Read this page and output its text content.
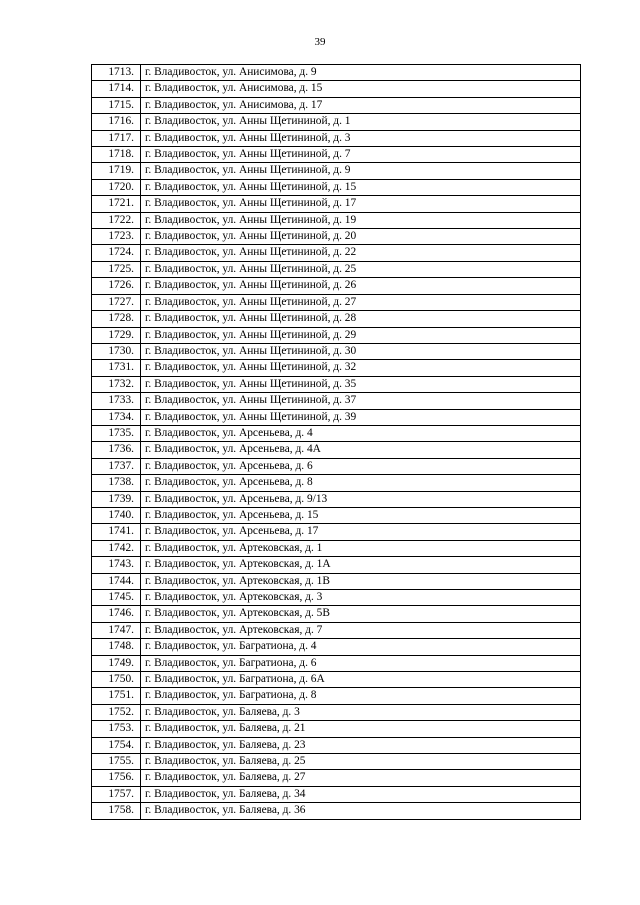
39
1713.	г. Владивосток, ул. Анисимова, д. 9
1714.	г. Владивосток, ул. Анисимова, д. 15
1715.	г. Владивосток, ул. Анисимова, д. 17
1716.	г. Владивосток, ул. Анны Щетининой, д. 1
1717.	г. Владивосток, ул. Анны Щетининой, д. 3
1718.	г. Владивосток, ул. Анны Щетининой, д. 7
1719.	г. Владивосток, ул. Анны Щетининой, д. 9
1720.	г. Владивосток, ул. Анны Щетининой, д. 15
1721.	г. Владивосток, ул. Анны Щетининой, д. 17
1722.	г. Владивосток, ул. Анны Щетининой, д. 19
1723.	г. Владивосток, ул. Анны Щетининой, д. 20
1724.	г. Владивосток, ул. Анны Щетининой, д. 22
1725.	г. Владивосток, ул. Анны Щетининой, д. 25
1726.	г. Владивосток, ул. Анны Щетининой, д. 26
1727.	г. Владивосток, ул. Анны Щетининой, д. 27
1728.	г. Владивосток, ул. Анны Щетининой, д. 28
1729.	г. Владивосток, ул. Анны Щетининой, д. 29
1730.	г. Владивосток, ул. Анны Щетининой, д. 30
1731.	г. Владивосток, ул. Анны Щетининой, д. 32
1732.	г. Владивосток, ул. Анны Щетининой, д. 35
1733.	г. Владивосток, ул. Анны Щетининой, д. 37
1734.	г. Владивосток, ул. Анны Щетининой, д. 39
1735.	г. Владивосток, ул. Арсеньева, д. 4
1736.	г. Владивосток, ул. Арсеньева, д. 4А
1737.	г. Владивосток, ул. Арсеньева, д. 6
1738.	г. Владивосток, ул. Арсеньева, д. 8
1739.	г. Владивосток, ул. Арсеньева, д. 9/13
1740.	г. Владивосток, ул. Арсеньева, д. 15
1741.	г. Владивосток, ул. Арсеньева, д. 17
1742.	г. Владивосток, ул. Артековская, д. 1
1743.	г. Владивосток, ул. Артековская, д. 1А
1744.	г. Владивосток, ул. Артековская, д. 1В
1745.	г. Владивосток, ул. Артековская, д. 3
1746.	г. Владивосток, ул. Артековская, д. 5В
1747.	г. Владивосток, ул. Артековская, д. 7
1748.	г. Владивосток, ул. Багратиона, д. 4
1749.	г. Владивосток, ул. Багратиона, д. 6
1750.	г. Владивосток, ул. Багратиона, д. 6А
1751.	г. Владивосток, ул. Багратиона, д. 8
1752.	г. Владивосток, ул. Баляева, д. 3
1753.	г. Владивосток, ул. Баляева, д. 21
1754.	г. Владивосток, ул. Баляева, д. 23
1755.	г. Владивосток, ул. Баляева, д. 25
1756.	г. Владивосток, ул. Баляева, д. 27
1757.	г. Владивосток, ул. Баляева, д. 34
1758.	г. Владивосток, ул. Баляева, д. 36
